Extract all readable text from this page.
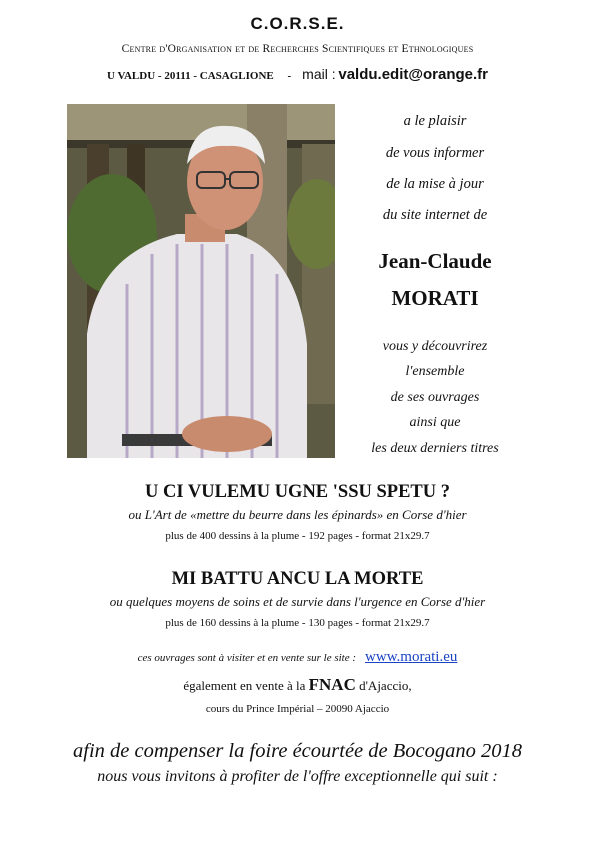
C.O.R.S.E.
Centre d'Organisation et de Recherches Scientifiques et Ethnologiques
U VALDU - 20111 - CASAGLIONE - mail : valdu.edit@orange.fr
a le plaisir
de vous informer
de la mise à jour
du site internet de
Jean-Claude
MORATI
vous y découvrirez
l'ensemble
de ses ouvrages
ainsi que
les deux derniers titres
U CI VULEMU UGNE 'SSU SPETU ?
ou L'Art de «mettre du beurre dans les épinards» en Corse d'hier
plus de 400 dessins à la plume - 192 pages - format 21x29.7
MI BATTU ANCU LA MORTE
ou quelques moyens de soins et de survie dans l'urgence en Corse d'hier
plus de 160 dessins à la plume - 130 pages - format 21x29.7
ces ouvrages sont à visiter et en vente sur le site : www.morati.eu
également en vente à la FNAC d'Ajaccio,
cours du Prince Impérial – 20090 Ajaccio
afin de compenser la foire écourtée de Bocogano 2018
nous vous invitons à profiter de l'offre exceptionnelle qui suit :
